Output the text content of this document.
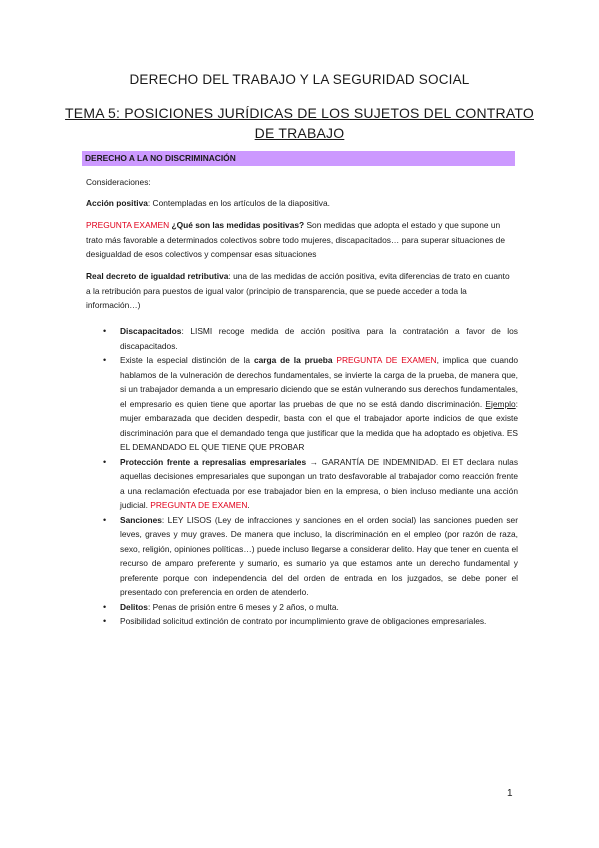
DERECHO DEL TRABAJO Y LA SEGURIDAD SOCIAL
TEMA 5: POSICIONES JURÍDICAS DE LOS SUJETOS DEL CONTRATO DE TRABAJO
DERECHO A LA NO DISCRIMINACIÓN
Consideraciones:
Acción positiva: Contempladas en los artículos de la diapositiva.
PREGUNTA EXAMEN ¿Qué son las medidas positivas? Son medidas que adopta el estado y que supone un trato más favorable a determinados colectivos sobre todo mujeres, discapacitados… para superar situaciones de desigualdad de esos colectivos y compensar esas situaciones
Real decreto de igualdad retributiva: una de las medidas de acción positiva, evita diferencias de trato en cuanto a la retribución para puestos de igual valor (principio de transparencia, que se puede acceder a toda la información…)
• Discapacitados: LISMI recoge medida de acción positiva para la contratación a favor de los discapacitados.
• Existe la especial distinción de la carga de la prueba PREGUNTA DE EXAMEN, implica que cuando hablamos de la vulneración de derechos fundamentales, se invierte la carga de la prueba, de manera que, si un trabajador demanda a un empresario diciendo que se están vulnerando sus derechos fundamentales, el empresario es quien tiene que aportar las pruebas de que no se está dando discriminación. Ejemplo: mujer embarazada que deciden despedir, basta con el que el trabajador aporte indicios de que existe discriminación para que el demandado tenga que justificar que la medida que ha adoptado es objetiva. ES EL DEMANDADO EL QUE TIENE QUE PROBAR
• Protección frente a represalias empresariales → GARANTÍA DE INDEMNIDAD. El ET declara nulas aquellas decisiones empresariales que supongan un trato desfavorable al trabajador como reacción frente a una reclamación efectuada por ese trabajador bien en la empresa, o bien incluso mediante una acción judicial. PREGUNTA DE EXAMEN.
• Sanciones: LEY LISOS (Ley de infracciones y sanciones en el orden social) las sanciones pueden ser leves, graves y muy graves. De manera que incluso, la discriminación en el empleo (por razón de raza, sexo, religión, opiniones políticas…) puede incluso llegarse a considerar delito. Hay que tener en cuenta el recurso de amparo preferente y sumario, es sumario ya que estamos ante un derecho fundamental y preferente porque con independencia del del orden de entrada en los juzgados, se debe poner el presentado con preferencia en orden de atenderlo.
• Delitos: Penas de prisión entre 6 meses y 2 años, o multa.
• Posibilidad solicitud extinción de contrato por incumplimiento grave de obligaciones empresariales.
1
